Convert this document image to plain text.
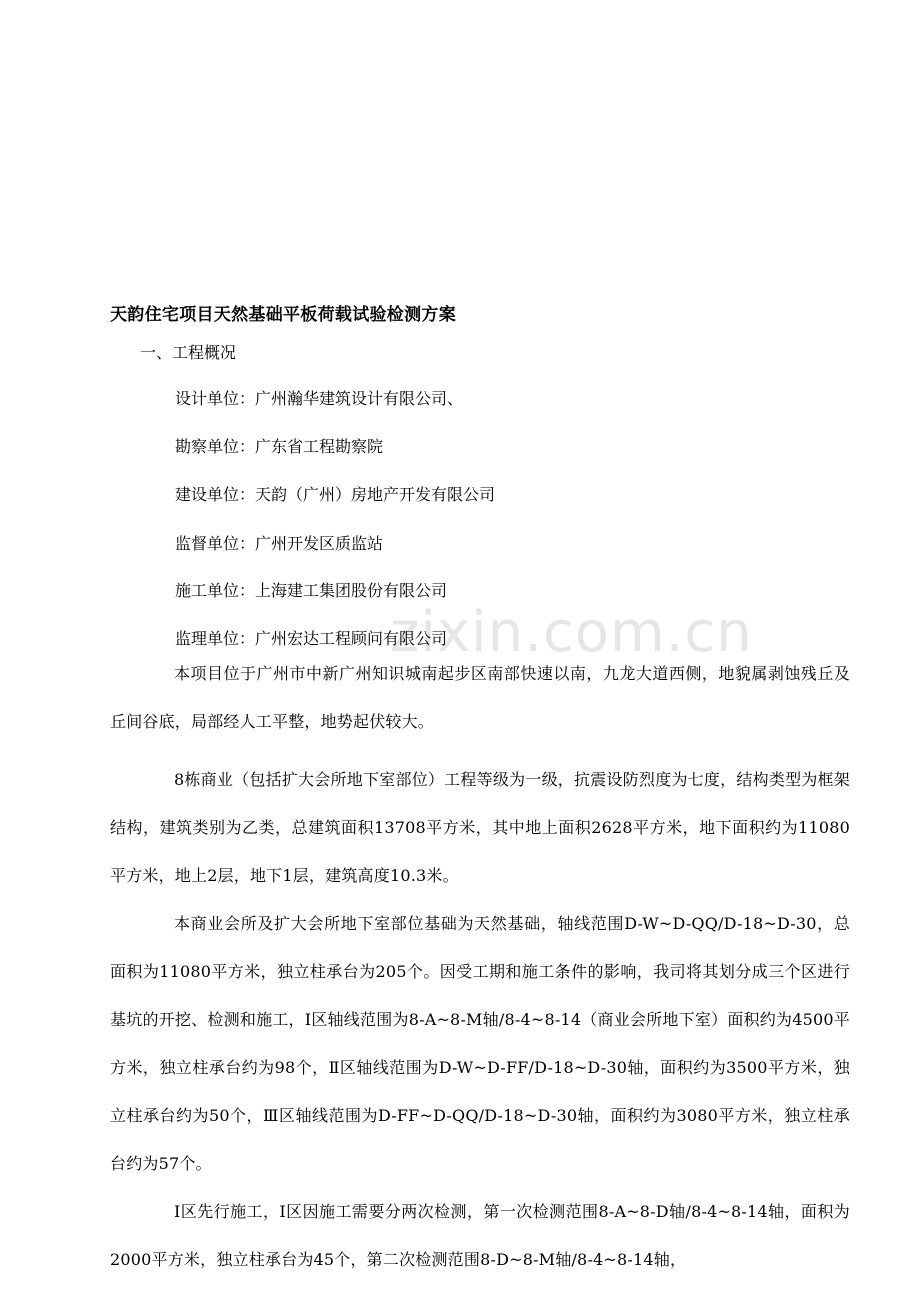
zixin.com.cn
天韵住宅项目天然基础平板荷载试验检测方案
一、工程概况
设计单位：广州瀚华建筑设计有限公司、
勘察单位：广东省工程勘察院
建设单位：天韵（广州）房地产开发有限公司
监督单位：广州开发区质监站
施工单位：上海建工集团股份有限公司
监理单位：广州宏达工程顾问有限公司

本项目位于广州市中新广州知识城南起步区南部快速以南，九龙大道西侧，地貌属剥蚀残丘及丘间谷底，局部经人工平整，地势起伏较大。

8栋商业（包括扩大会所地下室部位）工程等级为一级，抗震设防烈度为七度，结构类型为框架结构，建筑类别为乙类，总建筑面积13708平方米，其中地上面积2628平方米，地下面积约为11080平方米，地上2层，地下1层，建筑高度10.3米。

本商业会所及扩大会所地下室部位基础为天然基础，轴线范围D-W~D-QQ/D-18~D-30，总面积为11080平方米，独立柱承台为205个。因受工期和施工条件的影响，我司将其划分成三个区进行基坑的开挖、检测和施工，Ⅰ区轴线范围为8-A~8-M轴/8-4~8-14（商业会所地下室）面积约为4500平方米，独立柱承台约为98个，Ⅱ区轴线范围为D-W~D-FF/D-18~D-30轴，面积约为3500平方米，独立柱承台约为50个，Ⅲ区轴线范围为D-FF~D-QQ/D-18~D-30轴，面积约为3080平方米，独立柱承台约为57个。

Ⅰ区先行施工，Ⅰ区因施工需要分两次检测，第一次检测范围8-A~8-D轴/8-4~8-14轴，面积为2000平方米，独立柱承台为45个，第二次检测范围8-D~8-M轴/8-4~8-14轴，
